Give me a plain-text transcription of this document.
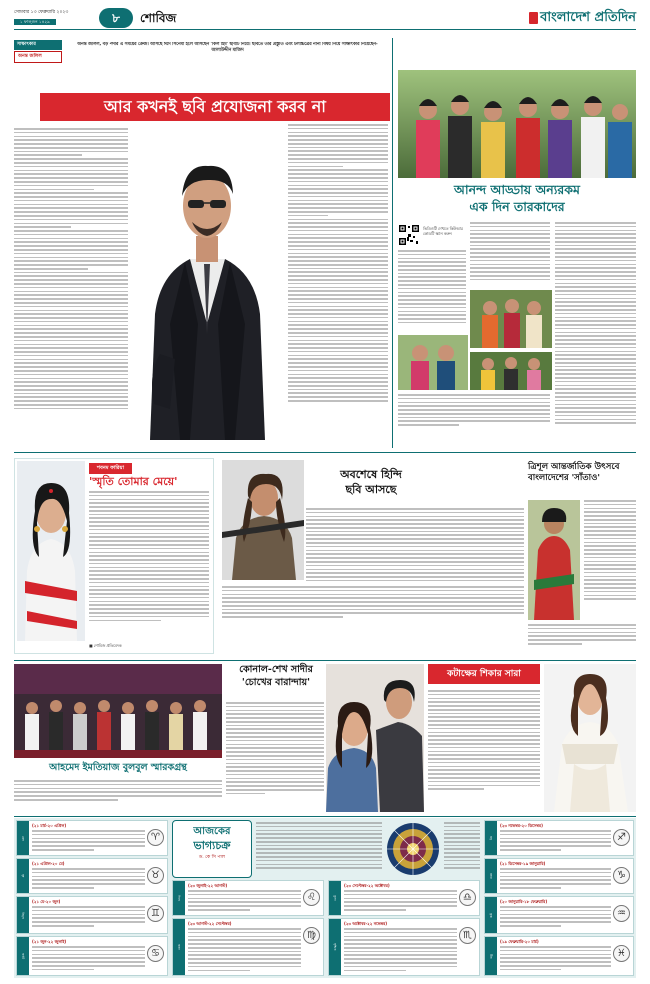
সোমবার ১৩ ফেব্রুয়ারি ২০২৩
১ ফাল্গুন ১৪২৯	৮ শোবিজ	বাংলাদেশ প্রতিদিন
সাক্ষাৎকার
অনন্ত জলিল
অনন্ত জলিল, বড় পর্দার এ সময়ের ক্রেজ। আসছে ঈদে সিনেমা হলে আসছেন 'কিল হিম' ছবিটি নিয়ে। ছবিতে তাঁর প্রস্তুতি এবং চলচ্চিত্রের নানা বিষয় নিয়ে সাক্ষাৎকার নিয়েছেন- আলাউদ্দীন মাজিদ
আর কখনই ছবি প্রযোজনা করব না
আনন্দ আড্ডায় অন্যরকম
এক দিন তারকাদের
ভিডিওটি দেখতে কিউআর কোডটি স্ক্যান করুন
শবনম ফারিয়া
'স্মৃতি তোমার মেয়ে'
■ শোবিজ প্রতিবেদক
অবশেষে হিন্দি
ছবি আসছে
ত্রিশূল আন্তর্জাতিক উৎসবে
বাংলাদেশের 'সাঁতাও'
আহমেদ ইমতিয়াজ বুলবুল স্মারকগ্রন্থ
কোনাল-শেখ সাদীর
'চোখের বারান্দায়'
কটাক্ষের শিকার সারা
আজকের
ভাগ্যচক্র
ড. কে সি পাল
মেষ
(২১ মার্চ-২০ এপ্রিল)
♈
বৃষ
(২১ এপ্রিল-২০ মে)
♉
মিথুন
(২১ মে-২০ জুন)
♊
কর্কট
(২১ জুন-২২ জুলাই)
♋
সিংহ
(২৩ জুলাই-২২ আগস্ট)
♌
কন্যা
(২৩ আগস্ট-২২ সেপ্টেম্বর)
♍
তুলা
(২৩ সেপ্টেম্বর-২২ অক্টোবর)
♎
বৃশ্চিক
(২৩ অক্টোবর-২২ নভেম্বর)
♏
ধনু
(২৩ নভেম্বর-২০ ডিসেম্বর)
♐
মকর
(২১ ডিসেম্বর-১৯ জানুয়ারি)
♑
কুম্ভ
(২০ জানুয়ারি-১৮ ফেব্রুয়ারি)
♒
মীন
(১৯ ফেব্রুয়ারি-২০ মার্চ)
♓
